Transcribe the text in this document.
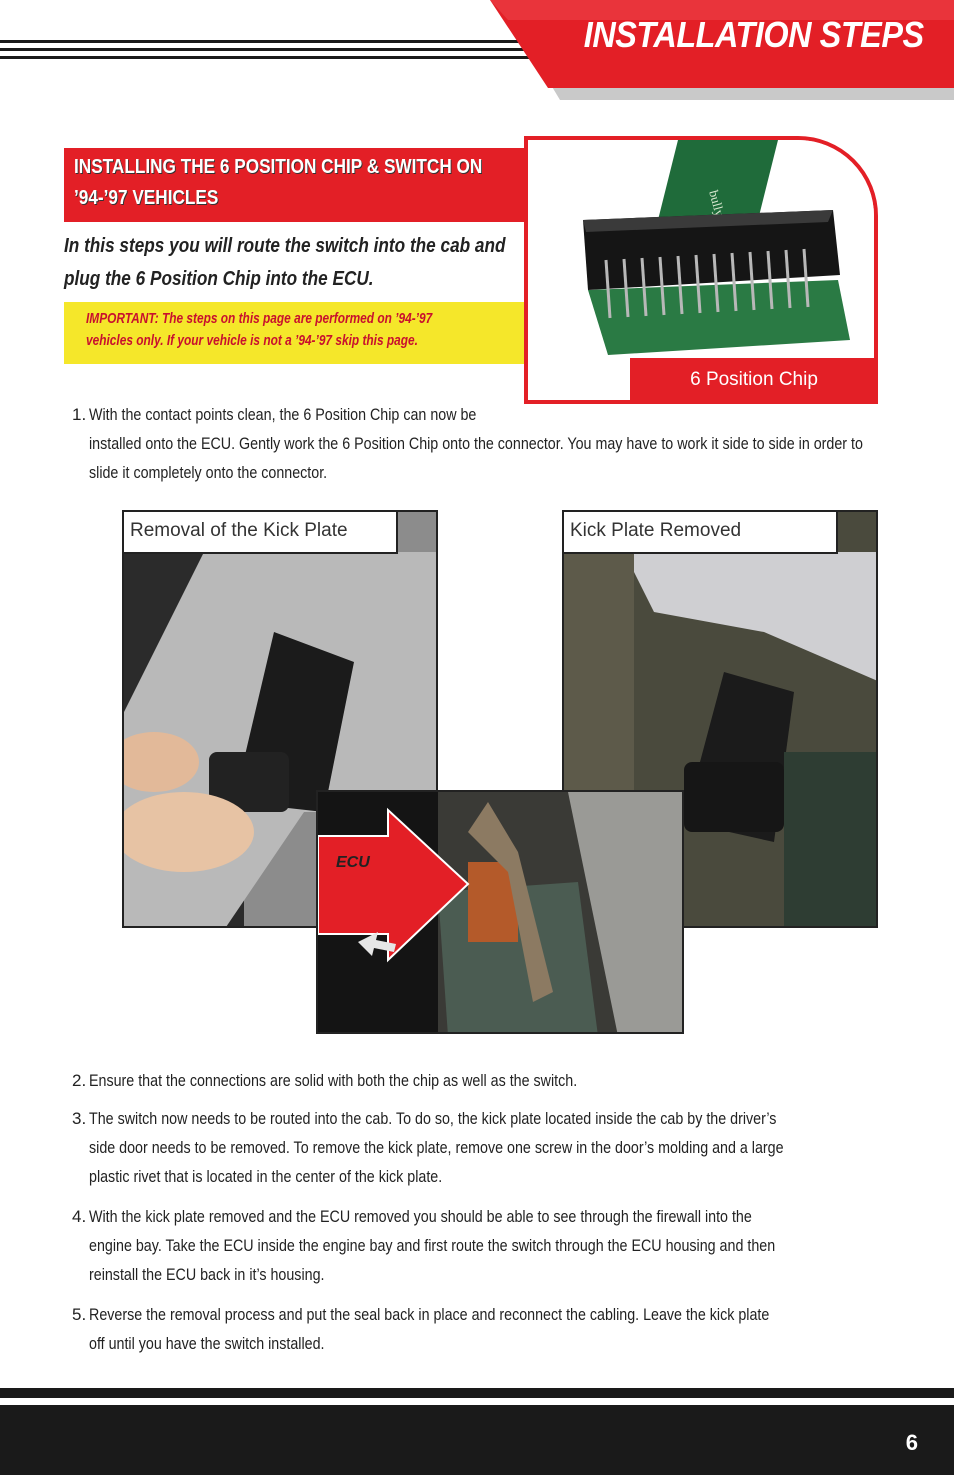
INSTALLATION STEPS
INSTALLING THE 6 POSITION CHIP & SWITCH ON
’94-’97 VEHICLES
In this steps you will route the switch into the cab and
plug the 6 Position Chip into the ECU.
IMPORTANT: The steps on this page are performed on ’94-’97
vehicles only. If your vehicle is not a ’94-’97 skip this page.
6 Position Chip
1. With the contact points clean, the 6 Position Chip can now be
installed onto the ECU. Gently work the 6 Position Chip onto the connector. You may have to work it side to side in order to
slide it completely onto the connector.
Removal of the Kick Plate	Kick Plate Removed
ECU
2. Ensure that the connections are solid with both the chip as well as the switch.
3. The switch now needs to be routed into the cab. To do so, the kick plate located inside the cab by the driver’s
side door needs to be removed. To remove the kick plate, remove one screw in the door’s molding and a large
plastic rivet that is located in the center of the kick plate.
4. With the kick plate removed and the ECU removed you should be able to see through the firewall into the
engine bay. Take the ECU inside the engine bay and first route the switch through the ECU housing and then
reinstall the ECU back in it’s housing.
5. Reverse the removal process and put the seal back in place and reconnect the cabling. Leave the kick plate
off until you have the switch installed.
6
